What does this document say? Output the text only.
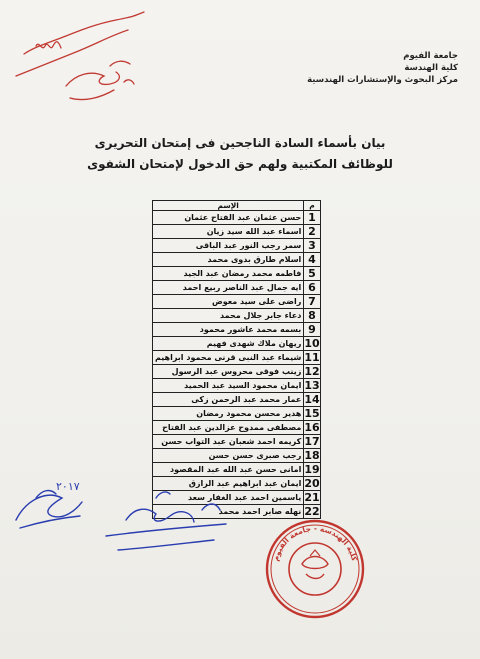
جامعة الفيوم
كلية الهندسة
مركز البحوث والإستشارات الهندسية
بيان بأسماء السادة الناجحين فى إمتحان التحريرى
للوظائف المكتبية ولهم حق الدخول لإمتحان الشفوى
م	الإسم
1	حسن عثمان عبد الفتاح عثمان
2	اسماء عبد الله سيد زيان
3	سمر رجب النور عبد الباقى
4	اسلام طارق بدوى محمد
5	فاطمه محمد رمضان عبد الجيد
6	ايه جمال عبد الناصر ربيع احمد
7	راضى على سيد معوض
8	دعاء جابر جلال محمد
9	بسمه محمد عاشور محمود
10	ريهان ملاك شهدى فهيم
11	شيماء عبد النبى قرنى محمود ابراهيم
12	زينب فوقى محروس عبد الرسول
13	ايمان محمود السيد عبد الحميد
14	عمار محمد عبد الرحمن زكى
15	هدير محسن محمود رمضان
16	مصطفى ممدوح عزالدين عبد الفتاح
17	كريمه احمد شعبان عبد التواب حسن
18	رجب صبرى حسن حسن
19	امانى حسن عبد الله عبد المقصود
20	ايمان عبد ابراهيم عبد الرازق
21	ياسمين احمد عبد الغفار سعد
22	نهله صابر احمد محمد
٢٠١٧
كلية الهندسة - جامعة الفيوم
